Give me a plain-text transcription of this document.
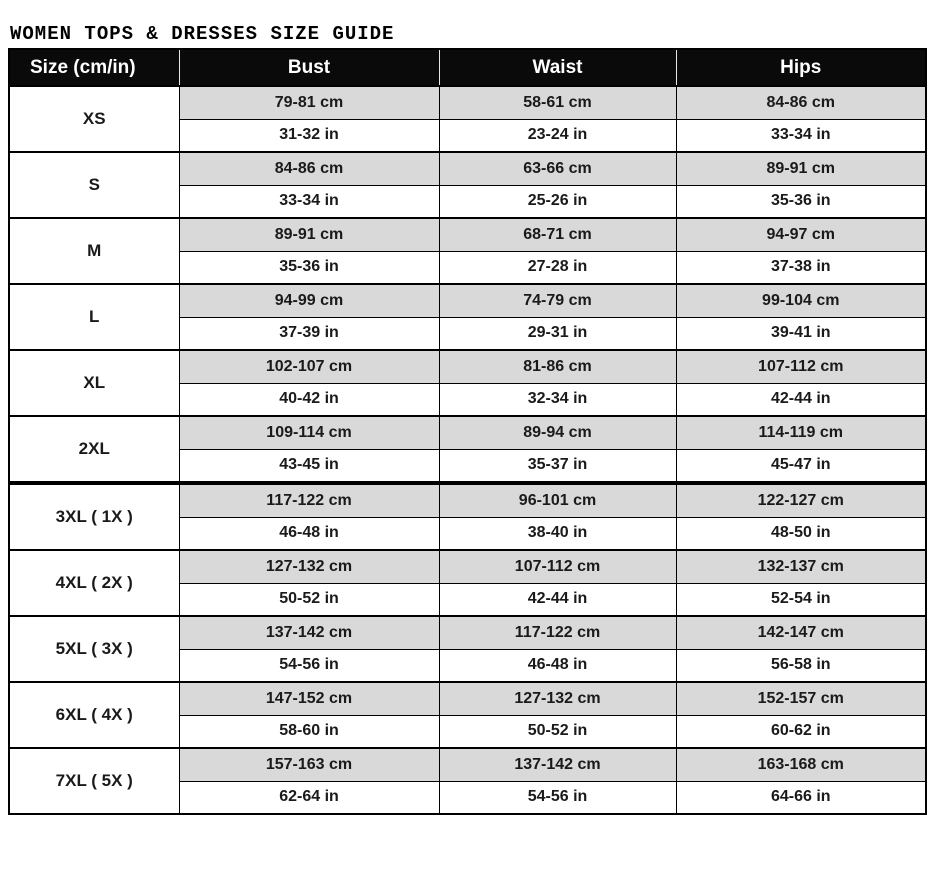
WOMEN TOPS & DRESSES SIZE GUIDE
Size (cm/in)	Bust	Waist	Hips
XS	79-81 cm	58-61 cm	84-86 cm
	31-32 in	23-24 in	33-34 in
S	84-86 cm	63-66 cm	89-91 cm
	33-34 in	25-26 in	35-36 in
M	89-91 cm	68-71 cm	94-97 cm
	35-36 in	27-28 in	37-38 in
L	94-99 cm	74-79 cm	99-104 cm
	37-39 in	29-31 in	39-41 in
XL	102-107 cm	81-86 cm	107-112 cm
	40-42 in	32-34 in	42-44 in
2XL	109-114 cm	89-94 cm	114-119 cm
	43-45 in	35-37 in	45-47 in

3XL ( 1X )	117-122 cm	96-101 cm	122-127 cm
	46-48 in	38-40 in	48-50 in
4XL ( 2X )	127-132 cm	107-112 cm	132-137 cm
	50-52 in	42-44 in	52-54 in
5XL ( 3X )	137-142 cm	117-122 cm	142-147 cm
	54-56 in	46-48 in	56-58 in
6XL ( 4X )	147-152 cm	127-132 cm	152-157 cm
	58-60 in	50-52 in	60-62 in
7XL ( 5X )	157-163 cm	137-142 cm	163-168 cm
	62-64 in	54-56 in	64-66 in
